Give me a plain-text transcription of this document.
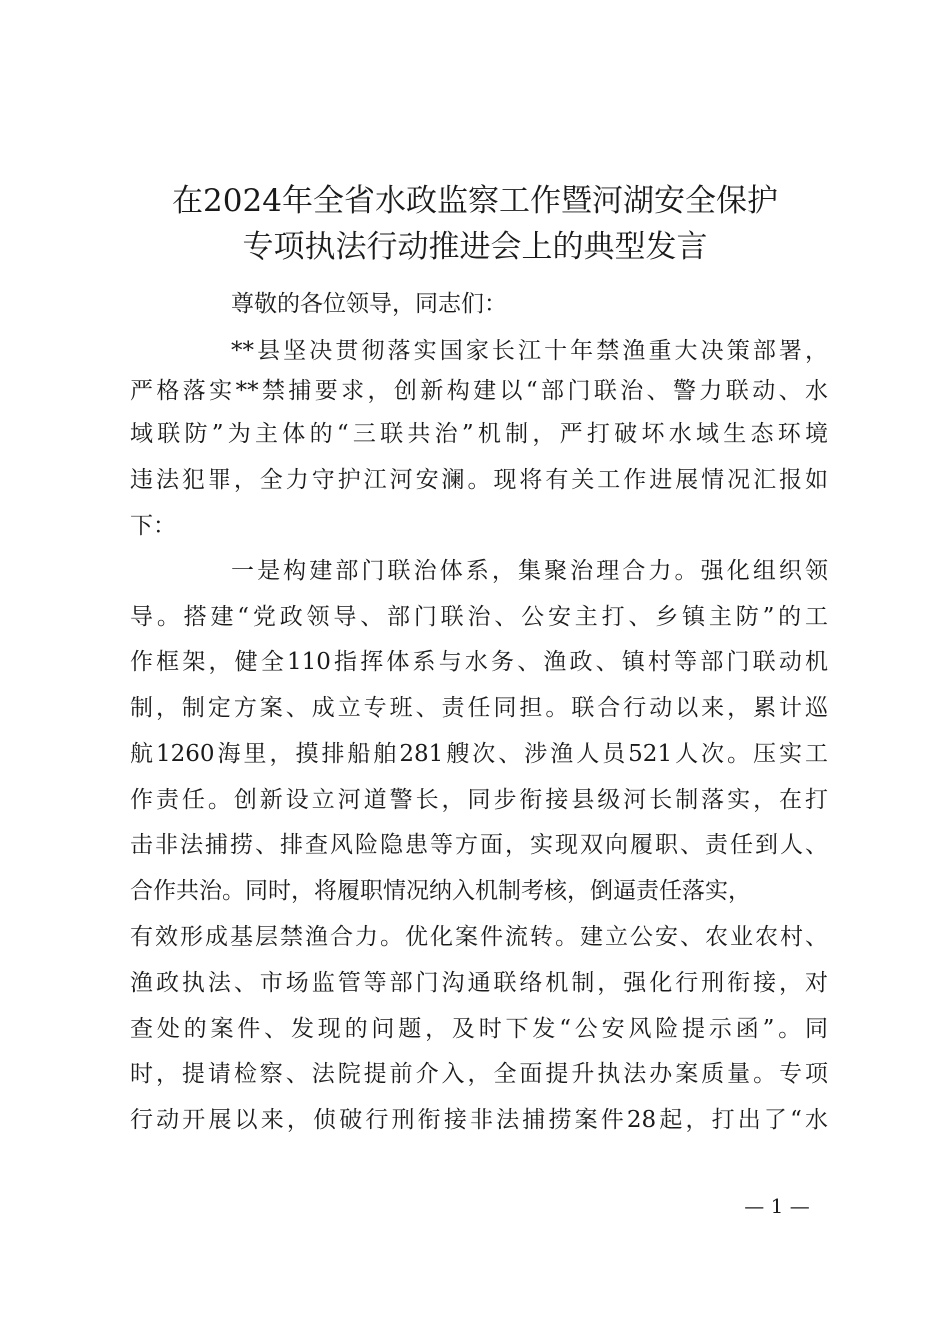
在2024年全省水政监察工作暨河湖安全保护
专项执法行动推进会上的典型发言

尊敬的各位领导，同志们：

**县坚决贯彻落实国家长江十年禁渔重大决策部署，

严格落实**禁捕要求，创新构建以“部门联治、警力联动、水

域联防”为主体的“三联共治”机制，严打破坏水域生态环境

违法犯罪，全力守护江河安澜。现将有关工作进展情况汇报如

下：

一是构建部门联治体系，集聚治理合力。强化组织领

导。搭建“党政领导、部门联治、公安主打、乡镇主防”的工

作框架，健全110指挥体系与水务、渔政、镇村等部门联动机

制，制定方案、成立专班、责任同担。联合行动以来，累计巡

航1260海里，摸排船舶281艘次、涉渔人员521人次。压实工

作责任。创新设立河道警长，同步衔接县级河长制落实，在打

击非法捕捞、排查风险隐患等方面，实现双向履职、责任到人、

合作共治。同时，将履职情况纳入机制考核，倒逼责任落实，

有效形成基层禁渔合力。优化案件流转。建立公安、农业农村、

渔政执法、市场监管等部门沟通联络机制，强化行刑衔接，对

查处的案件、发现的问题，及时下发“公安风险提示函”。同

时，提请检察、法院提前介入，全面提升执法办案质量。专项

行动开展以来，侦破行刑衔接非法捕捞案件28起，打出了“水

— 1 —
